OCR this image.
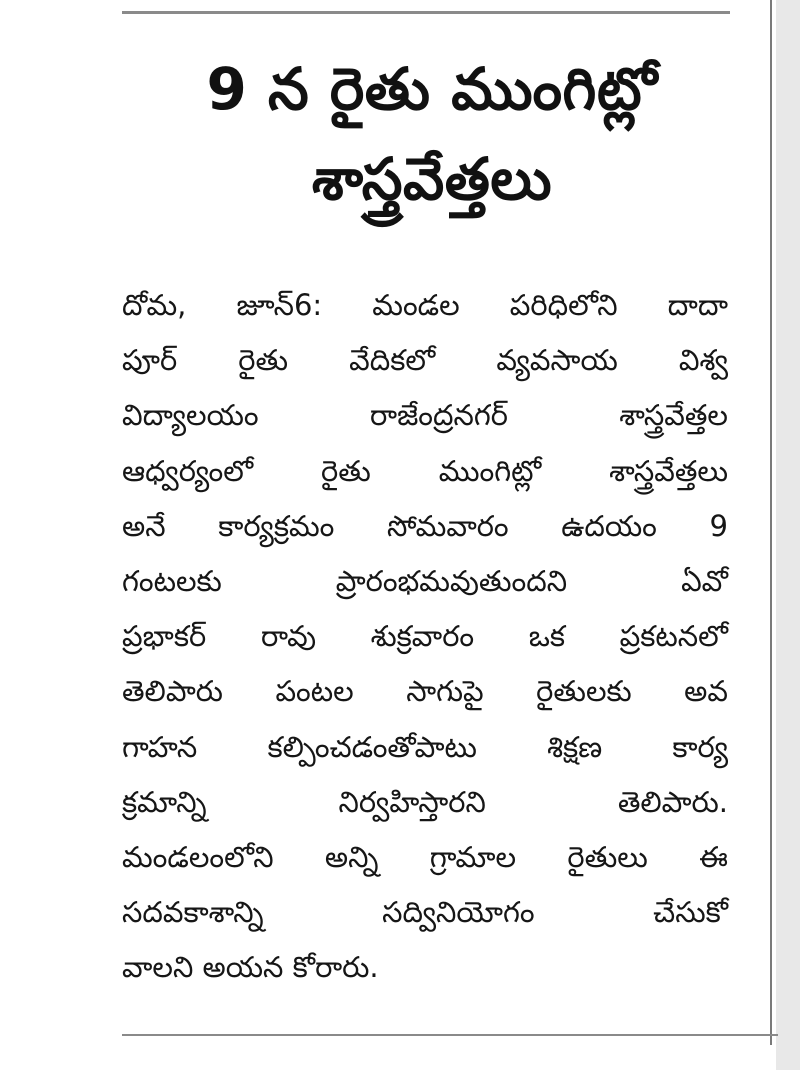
9 న రైతు ముంగిట్లో
శాస్త్రవేత్తలు
దోమ, జూన్6: మండల పరిధిలోని దాదా
పూర్ రైతు వేదికలో వ్యవసాయ విశ్వ
విద్యాలయం రాజేంద్రనగర్ శాస్త్రవేత్తల
ఆధ్వర్యంలో రైతు ముంగిట్లో శాస్త్రవేత్తలు
అనే కార్యక్రమం సోమవారం ఉదయం 9
గంటలకు ప్రారంభమవుతుందని ఏవో
ప్రభాకర్ రావు శుక్రవారం ఒక ప్రకటనలో
తెలిపారు పంటల సాగుపై రైతులకు అవ
గాహన కల్పించడంతోపాటు శిక్షణ కార్య
క్రమాన్ని నిర్వహిస్తారని తెలిపారు.
మండలంలోని అన్ని గ్రామాల రైతులు ఈ
సదవకాశాన్ని సద్వినియోగం చేసుకో
వాలని అయన కోరారు.
